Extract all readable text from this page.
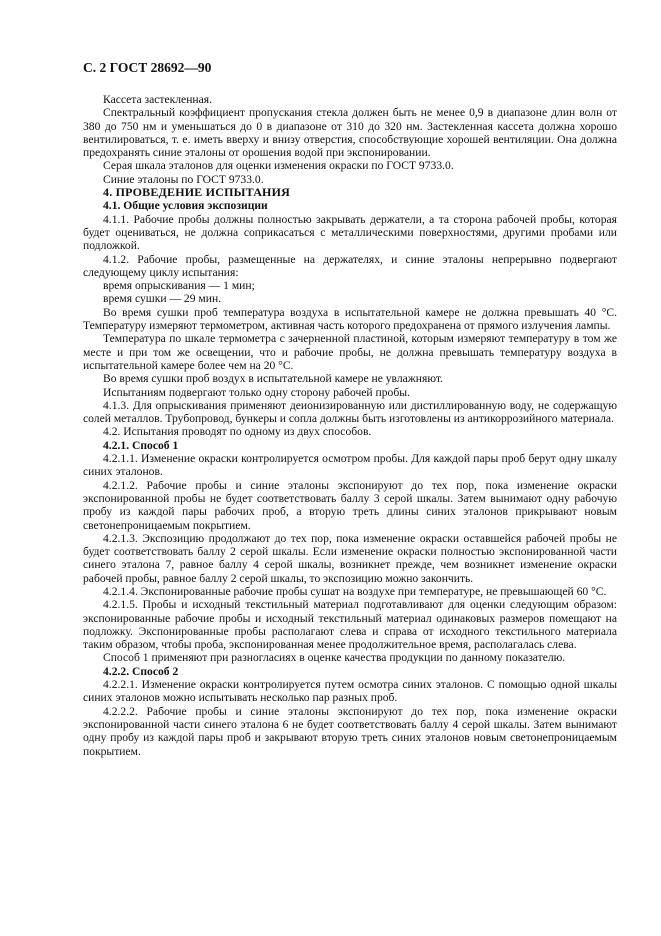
С. 2 ГОСТ 28692—90

Кассета застекленная.

Спектральный коэффициент пропускания стекла должен быть не менее 0,9 в диапазоне длин волн от 380 до 750 нм и уменьшаться до 0 в диапазоне от 310 до 320 нм. Застекленная кассета должна хорошо вентилироваться, т. е. иметь вверху и внизу отверстия, способствующие хорошей вентиляции. Она должна предохранять синие эталоны от орошения водой при экспонировании.

Серая шкала эталонов для оценки изменения окраски по ГОСТ 9733.0.

Синие эталоны по ГОСТ 9733.0.

4. ПРОВЕДЕНИЕ ИСПЫТАНИЯ

4.1. Общие условия экспозиции

4.1.1. Рабочие пробы должны полностью закрывать держатели, а та сторона рабочей пробы, которая будет оцениваться, не должна соприкасаться с металлическими поверхностями, другими пробами или подложкой.

4.1.2. Рабочие пробы, размещенные на держателях, и синие эталоны непрерывно подвергают следующему циклу испытания:

время опрыскивания — 1 мин;

время сушки — 29 мин.

Во время сушки проб температура воздуха в испытательной камере не должна превышать 40 °С. Температуру измеряют термометром, активная часть которого предохранена от прямого излучения лампы.

Температура по шкале термометра с зачерненной пластиной, которым измеряют температуру в том же месте и при том же освещении, что и рабочие пробы, не должна превышать температуру воздуха в испытательной камере более чем на 20 °С.

Во время сушки проб воздух в испытательной камере не увлажняют.

Испытаниям подвергают только одну сторону рабочей пробы.

4.1.3. Для опрыскивания применяют деионизированную или дистиллированную воду, не содержащую солей металлов. Трубопровод, бункеры и сопла должны быть изготовлены из антикоррозийного материала.

4.2. Испытания проводят по одному из двух способов.

4.2.1. Способ 1

4.2.1.1. Изменение окраски контролируется осмотром пробы. Для каждой пары проб берут одну шкалу синих эталонов.

4.2.1.2. Рабочие пробы и синие эталоны экспонируют до тех пор, пока изменение окраски экспонированной пробы не будет соответствовать баллу 3 серой шкалы. Затем вынимают одну рабочую пробу из каждой пары рабочих проб, а вторую треть длины синих эталонов прикрывают новым светонепроницаемым покрытием.

4.2.1.3. Экспозицию продолжают до тех пор, пока изменение окраски оставшейся рабочей пробы не будет соответствовать баллу 2 серой шкалы. Если изменение окраски полностью экспонированной части синего эталона 7, равное баллу 4 серой шкалы, возникнет прежде, чем возникнет изменение окраски рабочей пробы, равное баллу 2 серой шкалы, то экспозицию можно закончить.

4.2.1.4. Экспонированные рабочие пробы сушат на воздухе при температуре, не превышающей 60 °С.

4.2.1.5. Пробы и исходный текстильный материал подготавливают для оценки следующим образом: экспонированные рабочие пробы и исходный текстильный материал одинаковых размеров помещают на подложку. Экспонированные пробы располагают слева и справа от исходного текстильного материала таким образом, чтобы проба, экспонированная менее продолжительное время, располагалась слева.

Способ 1 применяют при разногласиях в оценке качества продукции по данному показателю.

4.2.2. Способ 2

4.2.2.1. Изменение окраски контролируется путем осмотра синих эталонов. С помощью одной шкалы синих эталонов можно испытывать несколько пар разных проб.

4.2.2.2. Рабочие пробы и синие эталоны экспонируют до тех пор, пока изменение окраски экспонированной части синего эталона 6 не будет соответствовать баллу 4 серой шкалы. Затем вынимают одну пробу из каждой пары проб и закрывают вторую треть синих эталонов новым светонепроницаемым покрытием.
